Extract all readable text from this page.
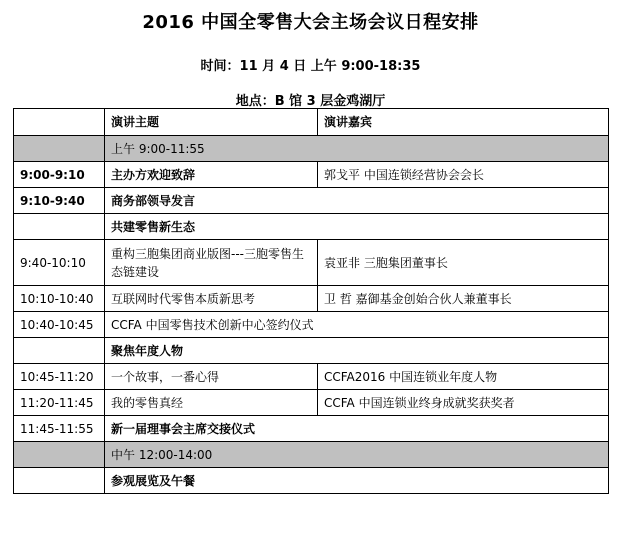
2016 中国全零售大会主场会议日程安排
时间：11 月 4 日 上午 9:00-18:35
地点：B 馆 3 层金鸡湖厅
	演讲主题	演讲嘉宾
	上午 9:00-11:55	
9:00-9:10	主办方欢迎致辞	郭戈平 中国连锁经营协会会长
9:10-9:40	商务部领导发言	
	共建零售新生态	
9:40-10:10	重构三胞集团商业版图---三胞零售生态链建设	袁亚非 三胞集团董事长
10:10-10:40	互联网时代零售本质新思考	卫 哲 嘉御基金创始合伙人兼董事长
10:40-10:45	CCFA 中国零售技术创新中心签约仪式	
	聚焦年度人物	
10:45-11:20	一个故事，一番心得	CCFA2016 中国连锁业年度人物
11:20-11:45	我的零售真经	CCFA 中国连锁业终身成就奖获奖者
11:45-11:55	新一届理事会主席交接仪式	
	中午 12:00-14:00	
	参观展览及午餐	
